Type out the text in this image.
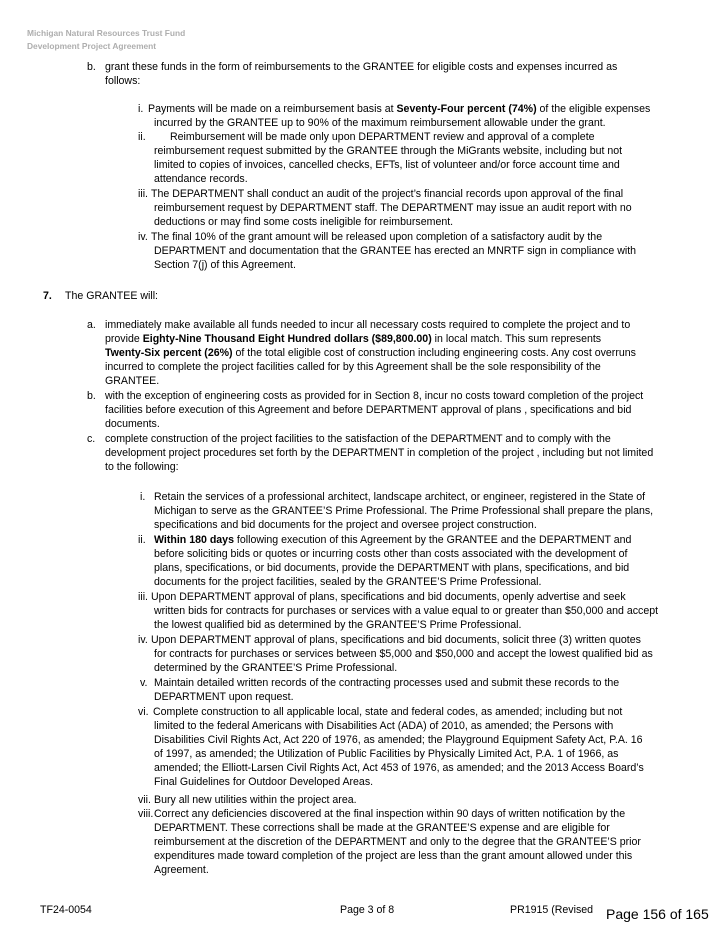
Michigan Natural Resources Trust Fund
Development Project Agreement
b. grant these funds in the form of reimbursements to the GRANTEE for eligible costs and expenses incurred as
follows:
i. Payments will be made on a reimbursement basis at Seventy-Four percent (74%) of the eligible expenses
incurred by the GRANTEE up to 90% of the maximum reimbursement allowable under the grant.
ii. Reimbursement will be made only upon DEPARTMENT review and approval of a complete
reimbursement request submitted by the GRANTEE through the MiGrants website, including but not
limited to copies of invoices, cancelled checks, EFTs, list of volunteer and/or force account time and
attendance records.
iii. The DEPARTMENT shall conduct an audit of the project’s financial records upon approval of the final
reimbursement request by DEPARTMENT staff. The DEPARTMENT may issue an audit report with no
deductions or may find some costs ineligible for reimbursement.
iv. The final 10% of the grant amount will be released upon completion of a satisfactory audit by the
DEPARTMENT and documentation that the GRANTEE has erected an MNRTF sign in compliance with
Section 7(j) of this Agreement.
7. The GRANTEE will:
a. immediately make available all funds needed to incur all necessary costs required to complete the project and to
provide Eighty-Nine Thousand Eight Hundred dollars ($89,800.00) in local match. This sum represents
Twenty-Six percent (26%) of the total eligible cost of construction including engineering costs. Any cost overruns
incurred to complete the project facilities called for by this Agreement shall be the sole responsibility of the
GRANTEE.
b. with the exception of engineering costs as provided for in Section 8, incur no costs toward completion of the project
facilities before execution of this Agreement and before DEPARTMENT approval of plans , specifications and bid
documents.
c. complete construction of the project facilities to the satisfaction of the DEPARTMENT and to comply with the
development project procedures set forth by the DEPARTMENT in completion of the project , including but not limited
to the following:
i. Retain the services of a professional architect, landscape architect, or engineer, registered in the State of
Michigan to serve as the GRANTEE’S Prime Professional. The Prime Professional shall prepare the plans,
specifications and bid documents for the project and oversee project construction.
ii. Within 180 days following execution of this Agreement by the GRANTEE and the DEPARTMENT and
before soliciting bids or quotes or incurring costs other than costs associated with the development of
plans, specifications, or bid documents, provide the DEPARTMENT with plans, specifications, and bid
documents for the project facilities, sealed by the GRANTEE’S Prime Professional.
iii. Upon DEPARTMENT approval of plans, specifications and bid documents, openly advertise and seek
written bids for contracts for purchases or services with a value equal to or greater than $50,000 and accept
the lowest qualified bid as determined by the GRANTEE’S Prime Professional.
iv. Upon DEPARTMENT approval of plans, specifications and bid documents, solicit three (3) written quotes
for contracts for purchases or services between $5,000 and $50,000 and accept the lowest qualified bid as
determined by the GRANTEE’S Prime Professional.
v. Maintain detailed written records of the contracting processes used and submit these records to the
DEPARTMENT upon request.
vi. Complete construction to all applicable local, state and federal codes, as amended; including but not
limited to the federal Americans with Disabilities Act (ADA) of 2010, as amended; the Persons with
Disabilities Civil Rights Act, Act 220 of 1976, as amended; the Playground Equipment Safety Act, P.A. 16
of 1997, as amended; the Utilization of Public Facilities by Physically Limited Act, P.A. 1 of 1966, as
amended; the Elliott-Larsen Civil Rights Act, Act 453 of 1976, as amended; and the 2013 Access Board’s
Final Guidelines for Outdoor Developed Areas.
vii. Bury all new utilities within the project area.
viii. Correct any deficiencies discovered at the final inspection within 90 days of written notification by the
DEPARTMENT. These corrections shall be made at the GRANTEE’S expense and are eligible for
reimbursement at the discretion of the DEPARTMENT and only to the degree that the GRANTEE’S prior
expenditures made toward completion of the project are less than the grant amount allowed under this
Agreement.
TF24-0054	Page 3 of 8	PR1915 (Revised Page 156 of 165
